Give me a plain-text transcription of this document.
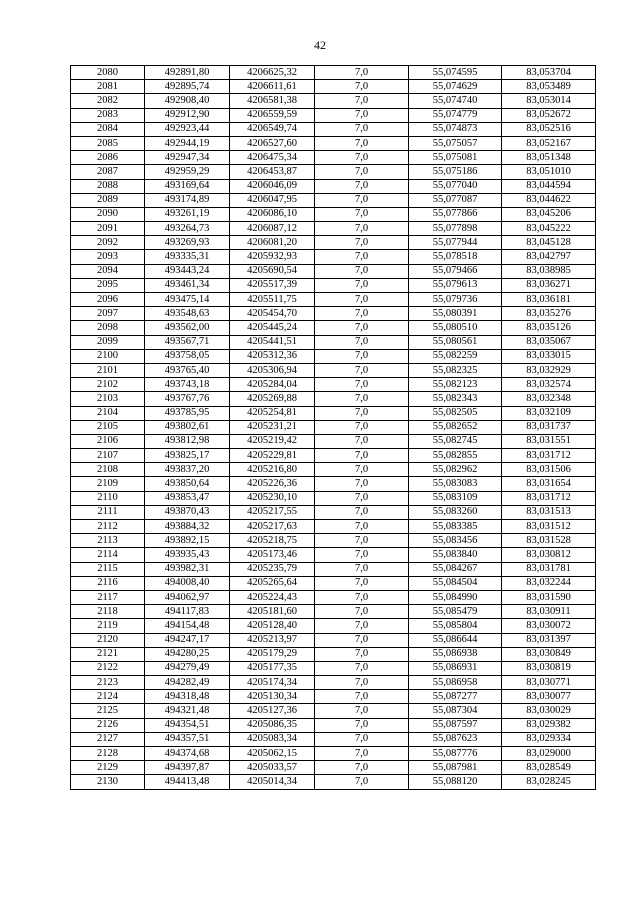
42
2080	492891,80	4206625,32	7,0	55,074595	83,053704
2081	492895,74	4206611,61	7,0	55,074629	83,053489
2082	492908,40	4206581,38	7,0	55,074740	83,053014
2083	492912,90	4206559,59	7,0	55,074779	83,052672
2084	492923,44	4206549,74	7,0	55,074873	83,052516
2085	492944,19	4206527,60	7,0	55,075057	83,052167
2086	492947,34	4206475,34	7,0	55,075081	83,051348
2087	492959,29	4206453,87	7,0	55,075186	83,051010
2088	493169,64	4206046,09	7,0	55,077040	83,044594
2089	493174,89	4206047,95	7,0	55,077087	83,044622
2090	493261,19	4206086,10	7,0	55,077866	83,045206
2091	493264,73	4206087,12	7,0	55,077898	83,045222
2092	493269,93	4206081,20	7,0	55,077944	83,045128
2093	493335,31	4205932,93	7,0	55,078518	83,042797
2094	493443,24	4205690,54	7,0	55,079466	83,038985
2095	493461,34	4205517,39	7,0	55,079613	83,036271
2096	493475,14	4205511,75	7,0	55,079736	83,036181
2097	493548,63	4205454,70	7,0	55,080391	83,035276
2098	493562,00	4205445,24	7,0	55,080510	83,035126
2099	493567,71	4205441,51	7,0	55,080561	83,035067
2100	493758,05	4205312,36	7,0	55,082259	83,033015
2101	493765,40	4205306,94	7,0	55,082325	83,032929
2102	493743,18	4205284,04	7,0	55,082123	83,032574
2103	493767,76	4205269,88	7,0	55,082343	83,032348
2104	493785,95	4205254,81	7,0	55,082505	83,032109
2105	493802,61	4205231,21	7,0	55,082652	83,031737
2106	493812,98	4205219,42	7,0	55,082745	83,031551
2107	493825,17	4205229,81	7,0	55,082855	83,031712
2108	493837,20	4205216,80	7,0	55,082962	83,031506
2109	493850,64	4205226,36	7,0	55,083083	83,031654
2110	493853,47	4205230,10	7,0	55,083109	83,031712
2111	493870,43	4205217,55	7,0	55,083260	83,031513
2112	493884,32	4205217,63	7,0	55,083385	83,031512
2113	493892,15	4205218,75	7,0	55,083456	83,031528
2114	493935,43	4205173,46	7,0	55,083840	83,030812
2115	493982,31	4205235,79	7,0	55,084267	83,031781
2116	494008,40	4205265,64	7,0	55,084504	83,032244
2117	494062,97	4205224,43	7,0	55,084990	83,031590
2118	494117,83	4205181,60	7,0	55,085479	83,030911
2119	494154,48	4205128,40	7,0	55,085804	83,030072
2120	494247,17	4205213,97	7,0	55,086644	83,031397
2121	494280,25	4205179,29	7,0	55,086938	83,030849
2122	494279,49	4205177,35	7,0	55,086931	83,030819
2123	494282,49	4205174,34	7,0	55,086958	83,030771
2124	494318,48	4205130,34	7,0	55,087277	83,030077
2125	494321,48	4205127,36	7,0	55,087304	83,030029
2126	494354,51	4205086,35	7,0	55,087597	83,029382
2127	494357,51	4205083,34	7,0	55,087623	83,029334
2128	494374,68	4205062,15	7,0	55,087776	83,029000
2129	494397,87	4205033,57	7,0	55,087981	83,028549
2130	494413,48	4205014,34	7,0	55,088120	83,028245
